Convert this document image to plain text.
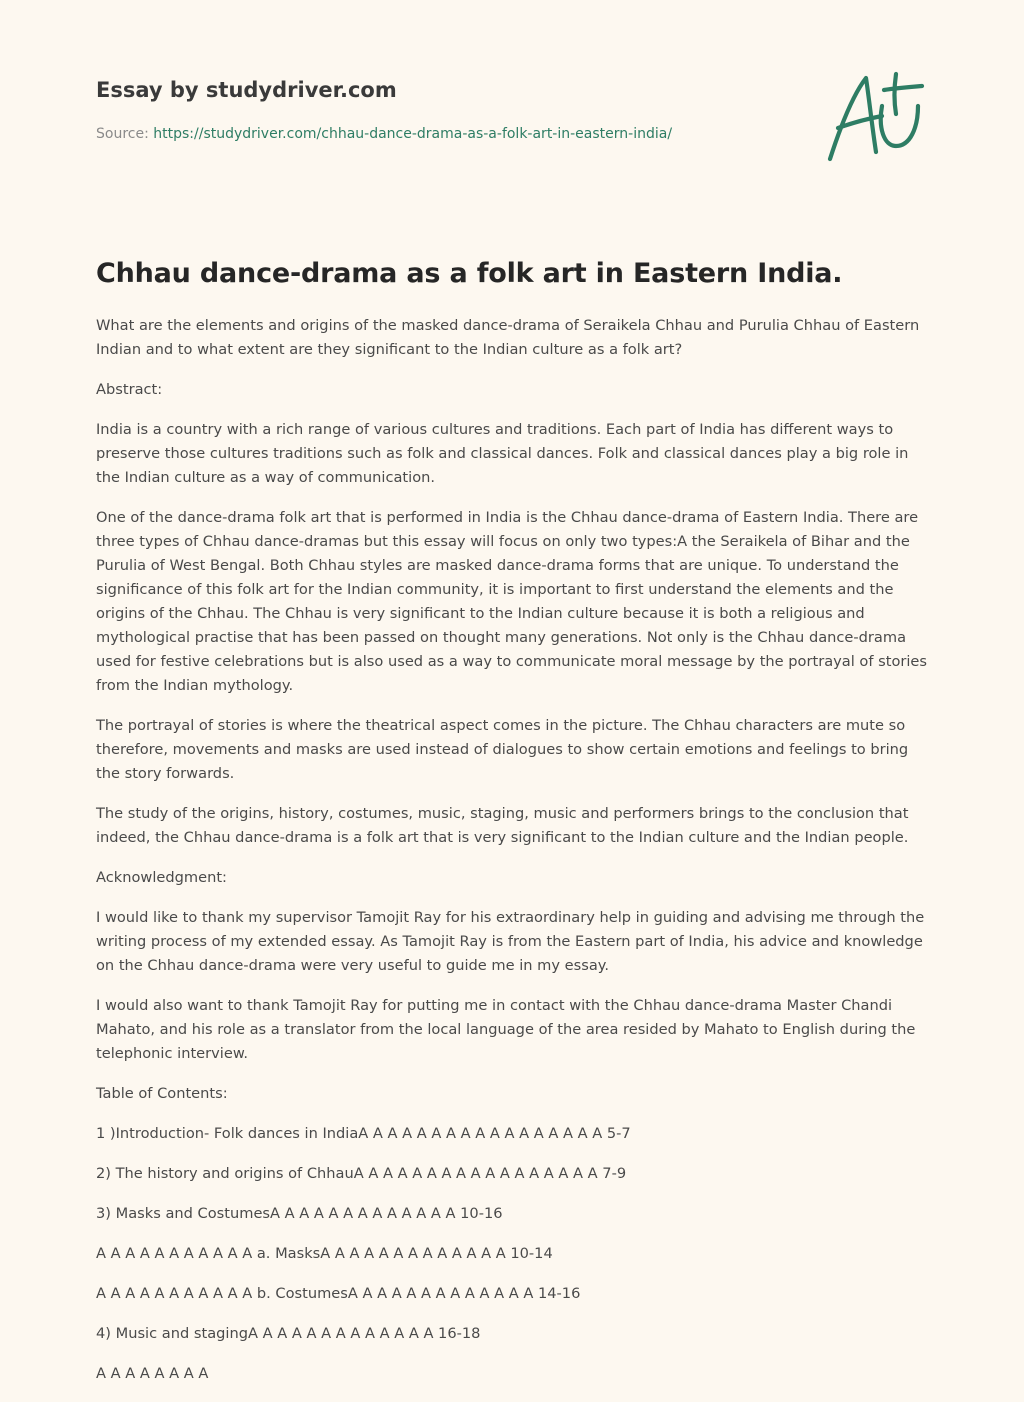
Essay by studydriver.com
Source: https://studydriver.com/chhau-dance-drama-as-a-folk-art-in-eastern-india/
Chhau dance-drama as a folk art in Eastern India.

What are the elements and origins of the masked dance-drama of Seraikela Chhau and Purulia Chhau of Eastern Indian and to what extent are they significant to the Indian culture as a folk art?

Abstract:

India is a country with a rich range of various cultures and traditions. Each part of India has different ways to preserve those cultures traditions such as folk and classical dances. Folk and classical dances play a big role in the Indian culture as a way of communication.

One of the dance-drama folk art that is performed in India is the Chhau dance-drama of Eastern India. There are three types of Chhau dance-dramas but this essay will focus on only two types:A the Seraikela of Bihar and the Purulia of West Bengal. Both Chhau styles are masked dance-drama forms that are unique. To understand the significance of this folk art for the Indian community, it is important to first understand the elements and the origins of the Chhau. The Chhau is very significant to the Indian culture because it is both a religious and mythological practise that has been passed on thought many generations. Not only is the Chhau dance-drama used for festive celebrations but is also used as a way to communicate moral message by the portrayal of stories from the Indian mythology.

The portrayal of stories is where the theatrical aspect comes in the picture. The Chhau characters are mute so therefore, movements and masks are used instead of dialogues to show certain emotions and feelings to bring the story forwards.

The study of the origins, history, costumes, music, staging, music and performers brings to the conclusion that indeed, the Chhau dance-drama is a folk art that is very significant to the Indian culture and the Indian people.

Acknowledgment:

I would like to thank my supervisor Tamojit Ray for his extraordinary help in guiding and advising me through the writing process of my extended essay. As Tamojit Ray is from the Eastern part of India, his advice and knowledge on the Chhau dance-drama were very useful to guide me in my essay.

I would also want to thank Tamojit Ray for putting me in contact with the Chhau dance-drama Master Chandi Mahato, and his role as a translator from the local language of the area resided by Mahato to English during the telephonic interview.

Table of Contents:

1 )Introduction- Folk dances in IndiaA A A A A A A A A A A A A A A A A 5-7

2) The history and origins of ChhauA A A A A A A A A A A A A A A A A 7-9

3) Masks and CostumesA A A A A A A A A A A A A 10-16

A A A A A A A A A A A a. MasksA A A A A A A A A A A A A 10-14

A A A A A A A A A A A b. CostumesA A A A A A A A A A A A A 14-16

4) Music and stagingA A A A A A A A A A A A A 16-18

A A A A A A A A
